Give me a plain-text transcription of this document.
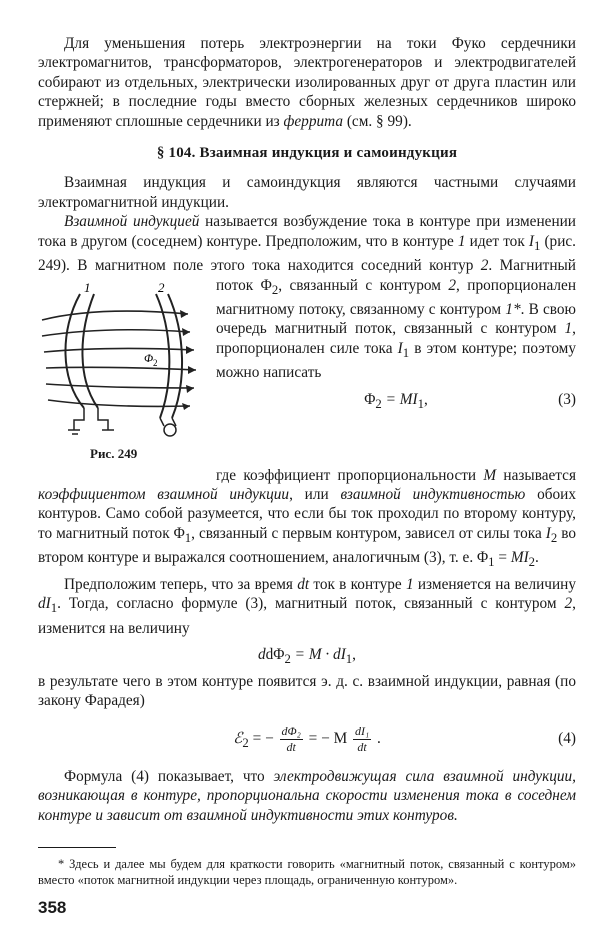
Для уменьшения потерь электроэнергии на токи Фуко сердечники электромагнитов, трансформаторов, электрогенераторов и электродвигателей собирают из отдельных, электрически изолированных друг от друга пластин или стержней; в последние годы вместо сборных железных сердечников широко применяют сплошные сердечники из феррита (см. § 99).

§ 104. Взаимная индукция и самоиндукция

Взаимная индукция и самоиндукция являются частными случаями электромагнитной индукции.

Взаимной индукцией называется возбуждение тока в контуре при изменении тока в другом (соседнем) контуре. Предположим, что в контуре 1 идет ток $I_1$ (рис. 249). В магнитном поле этого тока находится соседний контур
1	2
Φ 2
Рис. 249
2. Магнитный поток $\Phi_2$, связанный с контуром 2, пропорционален магнитному потоку, связанному с контуром 1*. В свою очередь магнитный поток, связанный с контуром 1, пропорционален силе тока $I_1$ в этом контуре; поэтому можно написать

$\Phi_2 = MI_1$,	(3)

где коэффициент пропорциональности M называется коэффициентом взаимной индукции, или взаимной индуктивностью обоих контуров. Само собой разумеется, что если бы ток проходил по второму контуру, то магнитный поток $\Phi_1$, связанный с первым контуром, зависел от силы тока $I_2$ во втором контуре и выражался соотношением, аналогичным (3), т. е. $\Phi_1 = MI_2$.

Предположим теперь, что за время dt ток в контуре 1 изменяется на величину $dI_1$. Тогда, согласно формуле (3), магнитный поток, связанный с контуром 2, изменится на величину

$dd\Phi_2 = M \cdot dI_1$,

в результате чего в этом контуре появится э. д. с. взаимной индукции, равная (по закону Фарадея)

ℰ$_2$ = − $\frac{\text{dΦ₂}}{dt}$ = − M $\frac{\text{dI₁}}{dt}$ .	(4)

Формула (4) показывает, что электродвижущая сила взаимной индукции, возникающая в контуре, пропорциональна скорости изменения тока в соседнем контуре и зависит от взаимной индуктивности этих контуров.

* Здесь и далее мы будем для краткости говорить «магнитный поток, связанный с контуром» вместо «поток магнитной индукции через площадь, ограниченную контуром».

358
